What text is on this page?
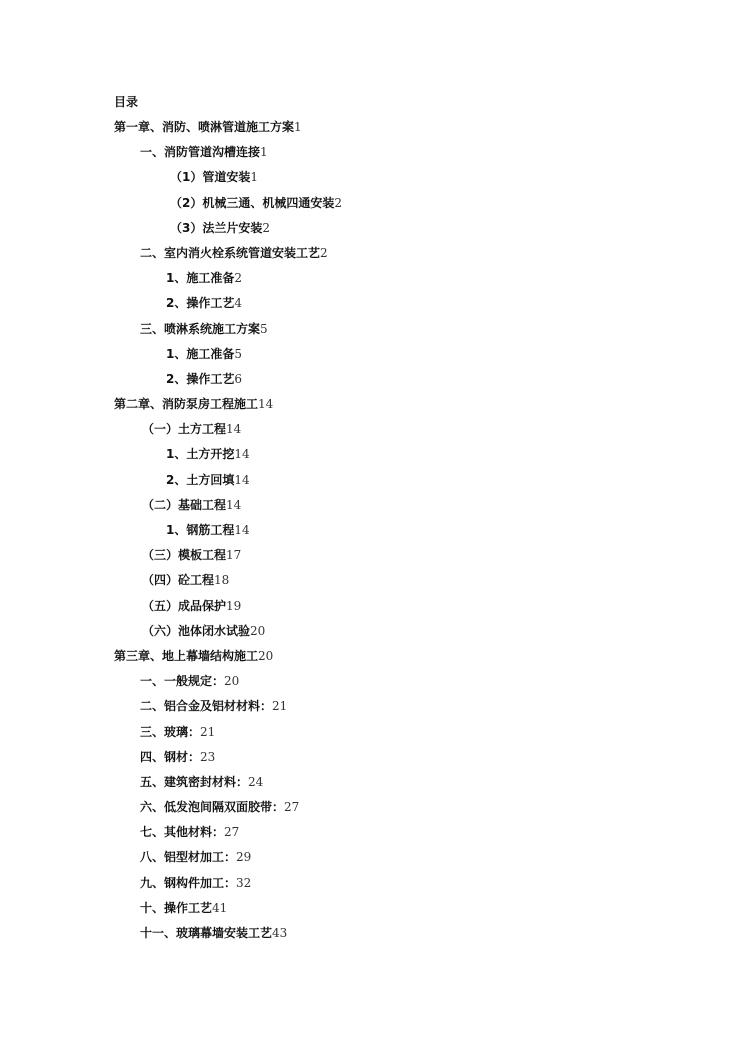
目录
第一章、消防、喷淋管道施工方案1
一、消防管道沟槽连接1
（1）管道安装1
（2）机械三通、机械四通安装2
（3）法兰片安装2
二、室内消火栓系统管道安装工艺2
1、施工准备2
2、操作工艺4
三、喷淋系统施工方案5
1、施工准备5
2、操作工艺6
第二章、消防泵房工程施工14
（一）土方工程14
1、土方开挖14
2、土方回填14
（二）基础工程14
1、钢筋工程14
（三）模板工程17
（四）砼工程18
（五）成品保护19
（六）池体闭水试验20
第三章、地上幕墙结构施工20
一、一般规定：20
二、铝合金及铝材材料：21
三、玻璃：21
四、钢材：23
五、建筑密封材料：24
六、低发泡间隔双面胶带：27
七、其他材料：27
八、铝型材加工：29
九、钢构件加工：32
十、操作工艺41
十一、玻璃幕墙安装工艺43
